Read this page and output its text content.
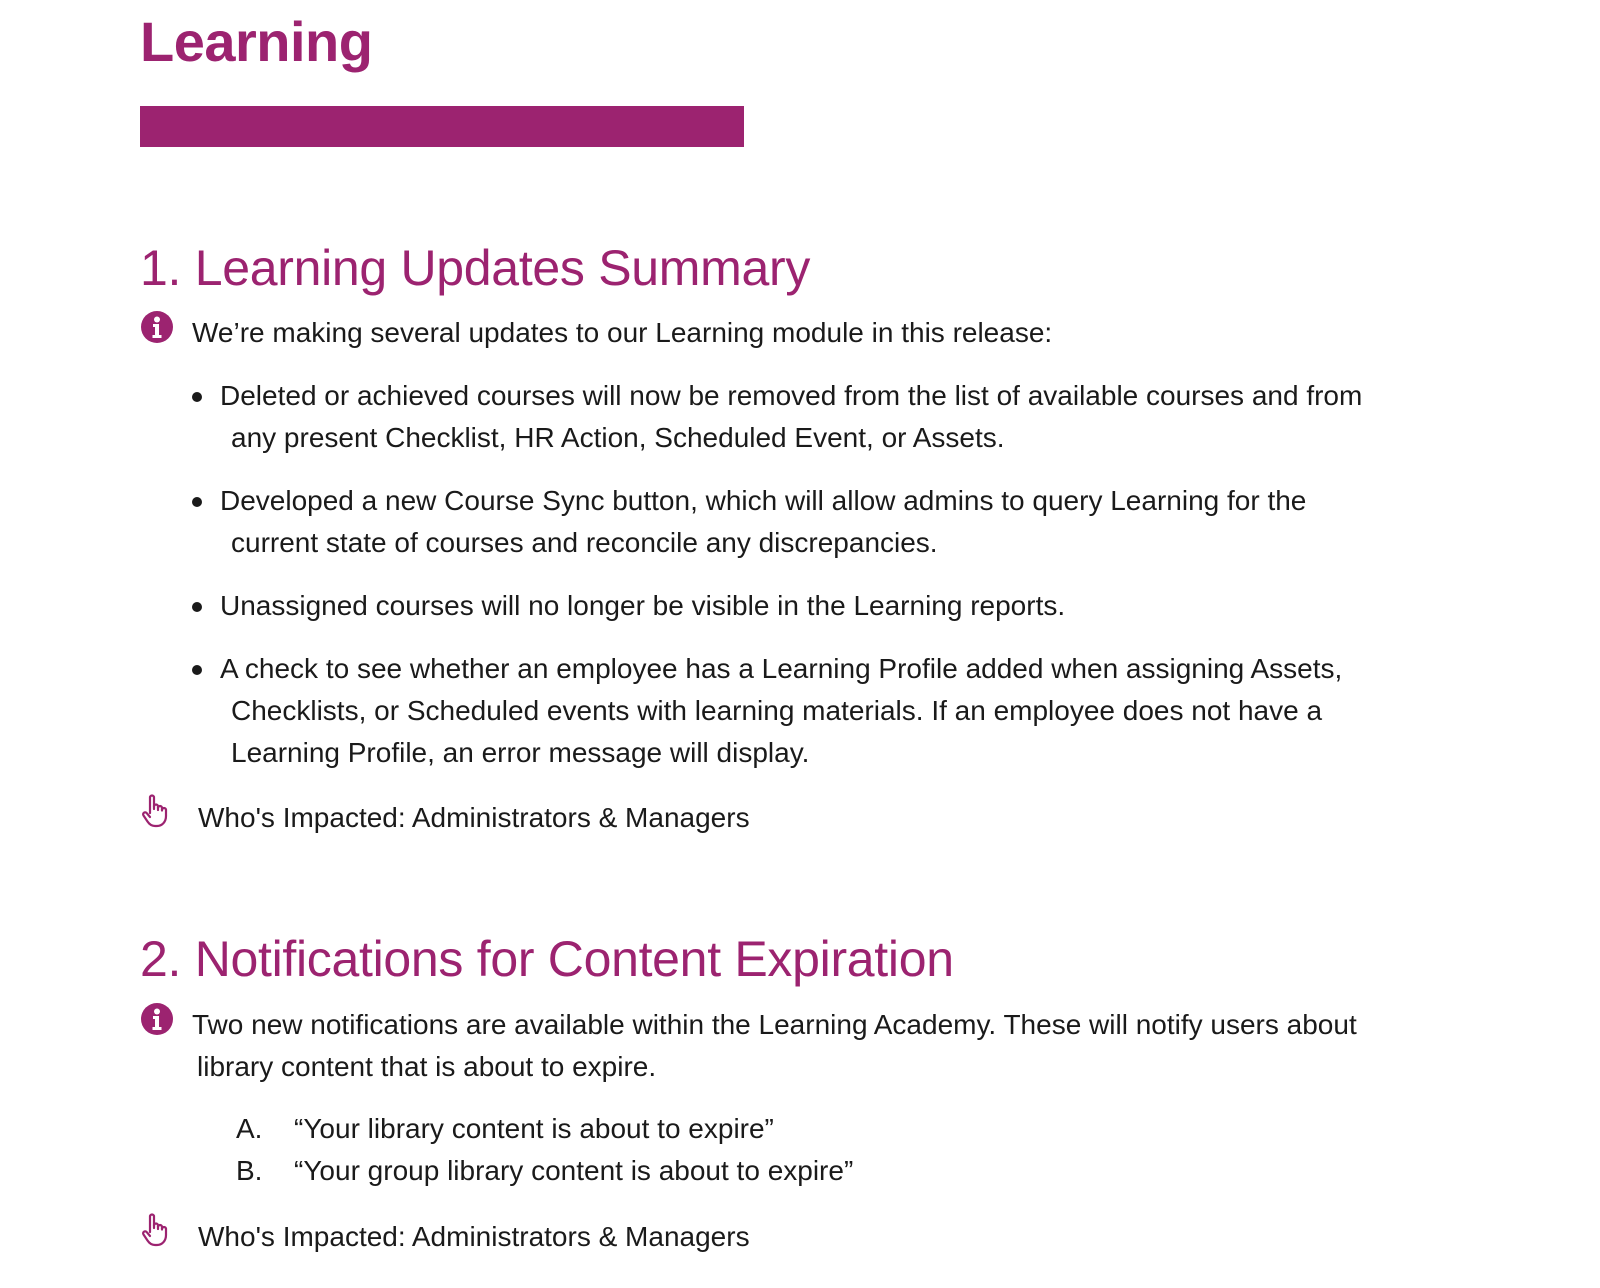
Learning
1. Learning Updates Summary
We’re making several updates to our Learning module in this release:
Deleted or achieved courses will now be removed from the list of available courses and from
any present Checklist, HR Action, Scheduled Event, or Assets.
Developed a new Course Sync button, which will allow admins to query Learning for the
current state of courses and reconcile any discrepancies.
Unassigned courses will no longer be visible in the Learning reports.
A check to see whether an employee has a Learning Profile added when assigning Assets,
Checklists, or Scheduled events with learning materials. If an employee does not have a
Learning Profile, an error message will display.
Who's Impacted: Administrators & Managers
2. Notifications for Content Expiration
Two new notifications are available within the Learning Academy. These will notify users about
library content that is about to expire.
A. “Your library content is about to expire”
B. “Your group library content is about to expire”
Who's Impacted: Administrators & Managers
